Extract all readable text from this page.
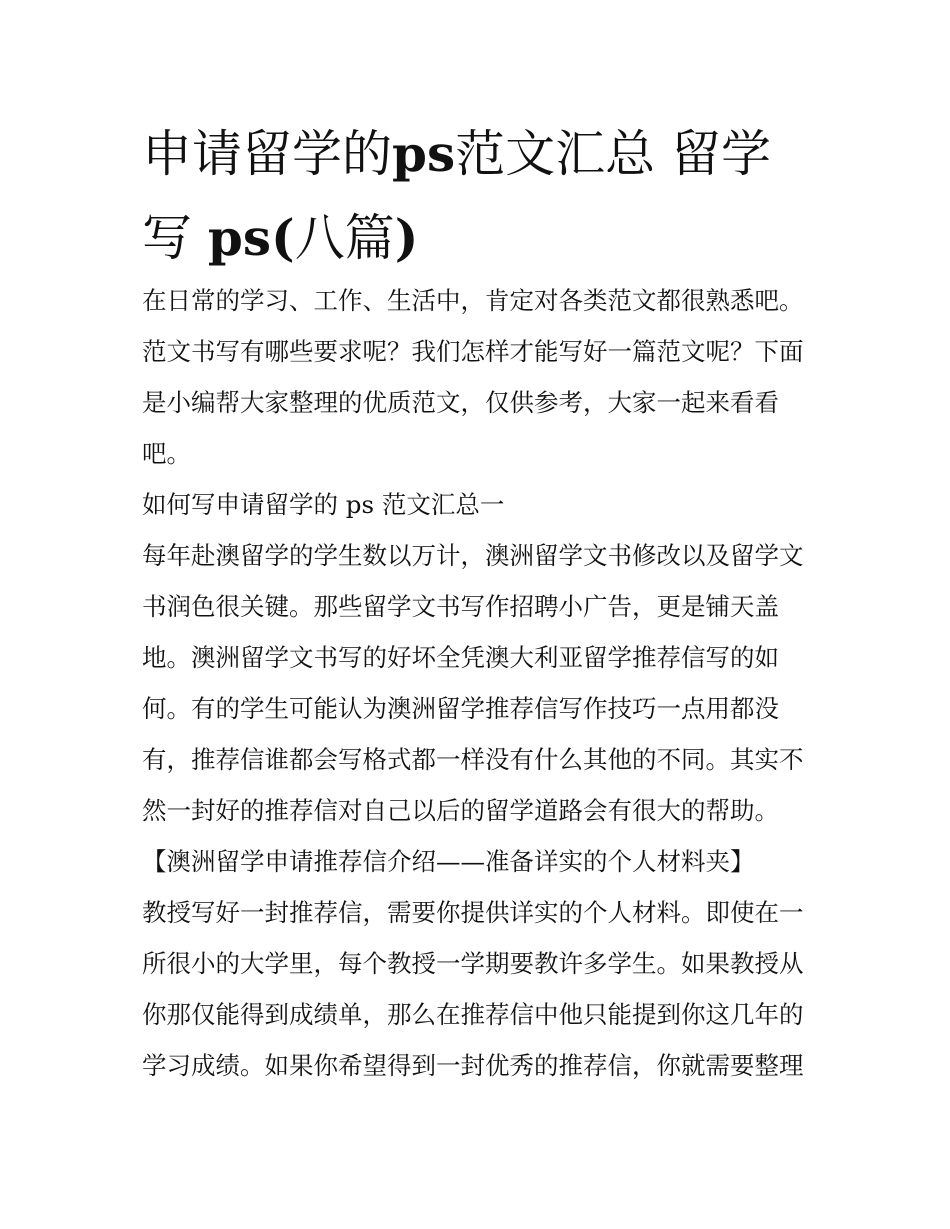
申请留学的ps范文汇总 留学
写 ps(八篇)
在日常的学习、工作、生活中，肯定对各类范文都很熟悉吧。
范文书写有哪些要求呢？我们怎样才能写好一篇范文呢？下面
是小编帮大家整理的优质范文，仅供参考，大家一起来看看
吧。
如何写申请留学的 ps 范文汇总一
每年赴澳留学的学生数以万计，澳洲留学文书修改以及留学文
书润色很关键。那些留学文书写作招聘小广告，更是铺天盖
地。澳洲留学文书写的好坏全凭澳大利亚留学推荐信写的如
何。有的学生可能认为澳洲留学推荐信写作技巧一点用都没
有，推荐信谁都会写格式都一样没有什么其他的不同。其实不
然一封好的推荐信对自己以后的留学道路会有很大的帮助。
【澳洲留学申请推荐信介绍——准备详实的个人材料夹】
教授写好一封推荐信，需要你提供详实的个人材料。即使在一
所很小的大学里，每个教授一学期要教许多学生。如果教授从
你那仅能得到成绩单，那么在推荐信中他只能提到你这几年的
学习成绩。如果你希望得到一封优秀的推荐信，你就需要整理
